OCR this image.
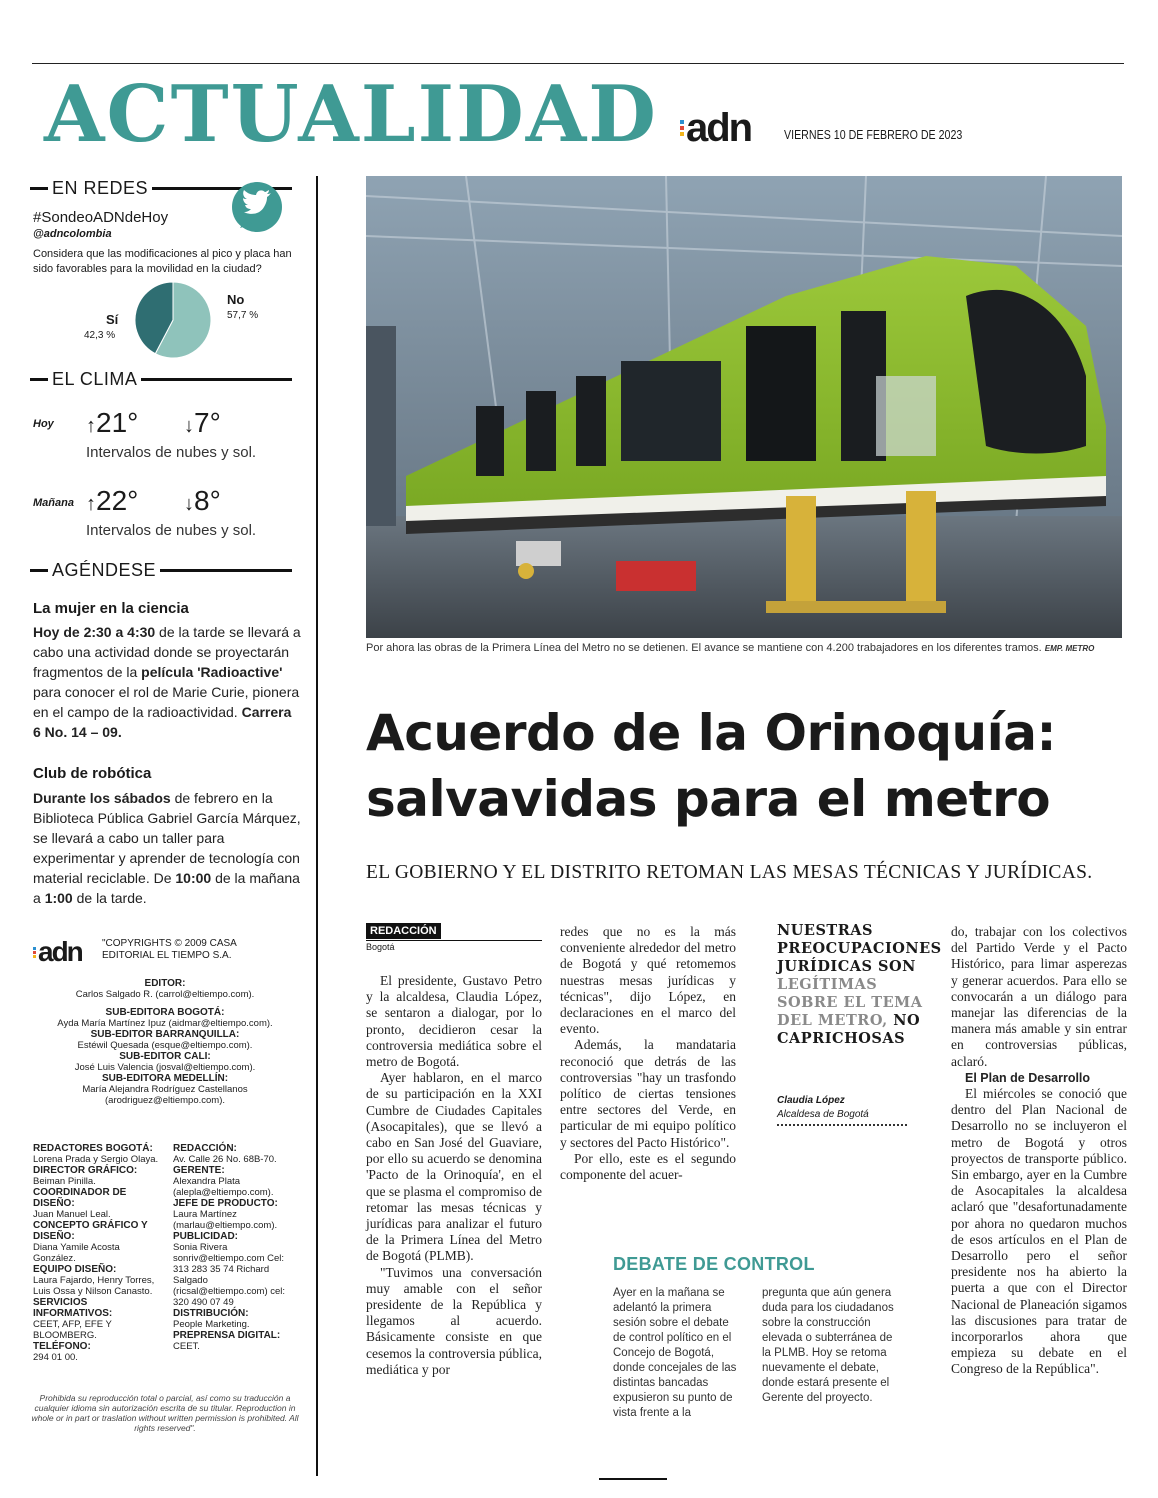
ACTUALIDAD adn	VIERNES 10 DE FEBRERO DE 2023
EN REDES
#SondeoADNdeHoy
@adncolombia
Considera que las modificaciones al pico y placa han sido favorables para la movilidad en la ciudad?
Sí
42,3 %
No
57,7 %
EL CLIMA
Hoy ↑21° ↓7°
Intervalos de nubes y sol.
Mañana ↑22° ↓8°
Intervalos de nubes y sol.
AGÉNDESE
La mujer en la ciencia
Hoy de 2:30 a 4:30 de la tarde se llevará a cabo una actividad donde se proyectarán fragmentos de la película 'Radioactive' para conocer el rol de Marie Curie, pionera en el campo de la radioactividad. Carrera 6 No. 14 – 09.
Club de robótica
Durante los sábados de febrero en la Biblioteca Pública Gabriel García Márquez, se llevará a cabo un taller para experimentar y aprender de tecnología con material reciclable. De 10:00 de la mañana a 1:00 de la tarde.
adn "COPYRIGHTS © 2009 CASA EDITORIAL EL TIEMPO S.A.
EDITOR:
Carlos Salgado R. (carrol@eltiempo.com).
SUB-EDITORA BOGOTÁ:
Ayda María Martínez Ipuz (aidmar@eltiempo.com).
SUB-EDITOR BARRANQUILLA:
Estéwil Quesada (esque@eltiempo.com).
SUB-EDITOR CALI:
José Luis Valencia (josval@eltiempo.com).
SUB-EDITORA MEDELLÍN:
María Alejandra Rodríguez Castellanos (arodriguez@eltiempo.com).
REDACTORES BOGOTÁ:
Lorena Prada y Sergio Olaya.
DIRECTOR GRÁFICO:
Beiman Pinilla.
COORDINADOR DE DISEÑO:
Juan Manuel Leal.
CONCEPTO GRÁFICO Y DISEÑO:
Diana Yamile Acosta González.
EQUIPO DISEÑO:
Laura Fajardo, Henry Torres, Luis Ossa y Nilson Canasto.
SERVICIOS INFORMATIVOS:
CEET, AFP, EFE Y BLOOMBERG.
TELÉFONO:
294 01 00.
REDACCIÓN:
Av. Calle 26 No. 68B-70.
GERENTE:
Alexandra Plata (alepla@eltiempo.com).
JEFE DE PRODUCTO:
Laura Martínez (marlau@eltiempo.com).
PUBLICIDAD:
Sonia Rivera sonriv@eltiempo.com Cel: 313 283 35 74 Richard Salgado (ricsal@eltiempo.com) cel: 320 490 07 49
DISTRIBUCIÓN:
People Marketing.
PREPRENSA DIGITAL:
CEET.
Prohibida su reproducción total o parcial, así como su traducción a cualquier idioma sin autorización escrita de su titular. Reproduction in whole or in part or traslation without written permission is prohibited. All rights reserved".
Por ahora las obras de la Primera Línea del Metro no se detienen. El avance se mantiene con 4.200 trabajadores en los diferentes tramos. EMP. METRO
Acuerdo de la Orinoquía:
salvavidas para el metro
EL GOBIERNO Y EL DISTRITO RETOMAN LAS MESAS TÉCNICAS Y JURÍDICAS.
REDACCIÓN
Bogotá

El presidente, Gustavo Petro y la alcaldesa, Claudia López, se sentaron a dialogar, por lo pronto, decidieron cesar la controversia mediática sobre el metro de Bogotá.

Ayer hablaron, en el marco de su participación en la XXI Cumbre de Ciudades Capitales (Asocapitales), que se llevó a cabo en San José del Guaviare, por ello su acuerdo se denomina 'Pacto de la Orinoquía', en el que se plasma el compromiso de retomar las mesas técnicas y jurídicas para analizar el futuro de la Primera Línea del Metro de Bogotá (PLMB).

"Tuvimos una conversación muy amable con el señor presidente de la República y llegamos al acuerdo. Básicamente consiste en que cesemos la controversia pública, mediática y por

redes que no es la más conveniente alrededor del metro de Bogotá y qué retomemos nuestras mesas jurídicas y técnicas", dijo López, en declaraciones en el marco del evento.

Además, la mandataria reconoció que detrás de las controversias "hay un trasfondo político de ciertas tensiones entre sectores del Verde, en particular de mi equipo político y sectores del Pacto Histórico".

Por ello, este es el segundo componente del acuer-

NUESTRAS PREOCUPACIONES JURÍDICAS SON LEGÍTIMAS SOBRE EL TEMA DEL METRO, NO CAPRICHOSAS
Claudia López
Alcaldesa de Bogotá

do, trabajar con los colectivos del Partido Verde y el Pacto Histórico, para limar asperezas y generar acuerdos. Para ello se convocarán a un diálogo para manejar las diferencias de la manera más amable y sin entrar en controversias públicas, aclaró.

El Plan de Desarrollo

El miércoles se conoció que dentro del Plan Nacional de Desarrollo no se incluyeron el metro de Bogotá y otros proyectos de transporte público. Sin embargo, ayer en la Cumbre de Asocapitales la alcaldesa aclaró que "desafortunadamente por ahora no quedaron muchos de esos artículos en el Plan de Desarrollo pero el señor presidente nos ha abierto la puerta a que con el Director Nacional de Planeación sigamos las discusiones para tratar de incorporarlos ahora que empieza su debate en el Congreso de la República".

DEBATE DE CONTROL
Ayer en la mañana se adelantó la primera sesión sobre el debate de control político en el Concejo de Bogotá, donde concejales de las distintas bancadas expusieron su punto de vista frente a la
pregunta que aún genera duda para los ciudadanos sobre la construcción elevada o subterránea de la PLMB. Hoy se retoma nuevamente el debate, donde estará presente el Gerente del proyecto.
